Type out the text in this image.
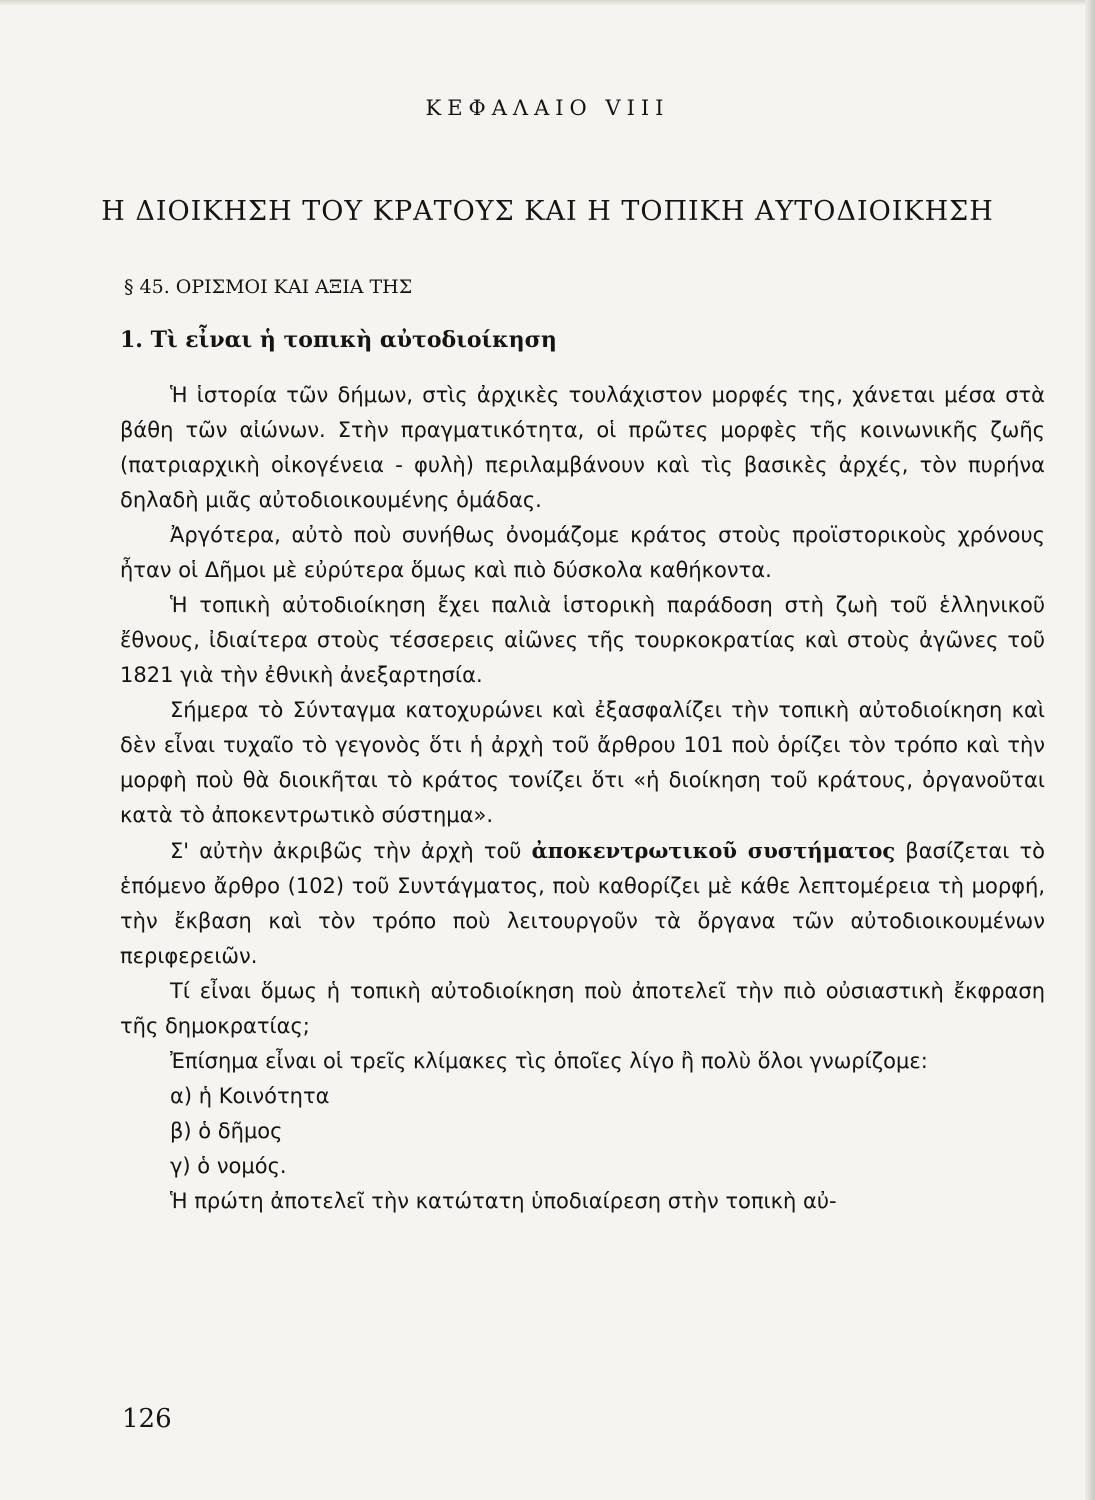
ΚΕΦΑΛΑΙΟ VIII
Η ΔΙΟΙΚΗΣΗ ΤΟΥ ΚΡΑΤΟΥΣ ΚΑΙ Η ΤΟΠΙΚΗ ΑΥΤΟΔΙΟΙΚΗΣΗ
§ 45. ΟΡΙΣΜΟΙ ΚΑΙ ΑΞΙΑ ΤΗΣ
1. Τὶ εἶναι ἡ τοπικὴ αὐτοδιοίκηση

Ἡ ἱστορία τῶν δήμων, στὶς ἀρχικὲς τουλάχιστον μορφές της, χάνεται μέσα στὰ βάθη τῶν αἰώνων. Στὴν πραγματικότητα, οἱ πρῶτες μορφὲς τῆς κοινωνικῆς ζωῆς (πατριαρχικὴ οἰκογένεια - φυλὴ) περιλαμβάνουν καὶ τὶς βασικὲς ἀρχές, τὸν πυρήνα δηλαδὴ μιᾶς αὐτοδιοικουμένης ὁμάδας.

Ἀργότερα, αὐτὸ ποὺ συνήθως ὀνομάζομε κράτος στοὺς προϊστορικοὺς χρόνους ἦταν οἱ Δῆμοι μὲ εὐρύτερα ὅμως καὶ πιὸ δύσκολα καθήκοντα.

Ἡ τοπικὴ αὐτοδιοίκηση ἔχει παλιὰ ἱστορικὴ παράδοση στὴ ζωὴ τοῦ ἑλληνικοῦ ἔθνους, ἰδιαίτερα στοὺς τέσσερεις αἰῶνες τῆς τουρκοκρατίας καὶ στοὺς ἀγῶνες τοῦ 1821 γιὰ τὴν ἐθνικὴ ἀνεξαρτησία.

Σήμερα τὸ Σύνταγμα κατοχυρώνει καὶ ἐξασφαλίζει τὴν τοπικὴ αὐτοδιοίκηση καὶ δὲν εἶναι τυχαῖο τὸ γεγονὸς ὅτι ἡ ἀρχὴ τοῦ ἄρθρου 101 ποὺ ὁρίζει τὸν τρόπο καὶ τὴν μορφὴ ποὺ θὰ διοικῆται τὸ κράτος τονίζει ὅτι «ἡ διοίκηση τοῦ κράτους, ὀργανοῦται κατὰ τὸ ἀποκεντρωτικὸ σύστημα».

Σ' αὐτὴν ἀκριβῶς τὴν ἀρχὴ τοῦ ἀποκεντρωτικοῦ συστήματος βασίζεται τὸ ἑπόμενο ἄρθρο (102) τοῦ Συντάγματος, ποὺ καθορίζει μὲ κάθε λεπτομέρεια τὴ μορφή, τὴν ἔκβαση καὶ τὸν τρόπο ποὺ λειτουργοῦν τὰ ὄργανα τῶν αὐτοδιοικουμένων περιφερειῶν.

Τί εἶναι ὅμως ἡ τοπικὴ αὐτοδιοίκηση ποὺ ἀποτελεῖ τὴν πιὸ οὐσιαστικὴ ἔκφραση τῆς δημοκρατίας;

Ἐπίσημα εἶναι οἱ τρεῖς κλίμακες τὶς ὁποῖες λίγο ἢ πολὺ ὅλοι γνωρίζομε:

α) ἡ Κοινότητα

β) ὁ δῆμος

γ) ὁ νομός.

Ἡ πρώτη ἀποτελεῖ τὴν κατώτατη ὑποδιαίρεση στὴν τοπικὴ αὐ-

126
